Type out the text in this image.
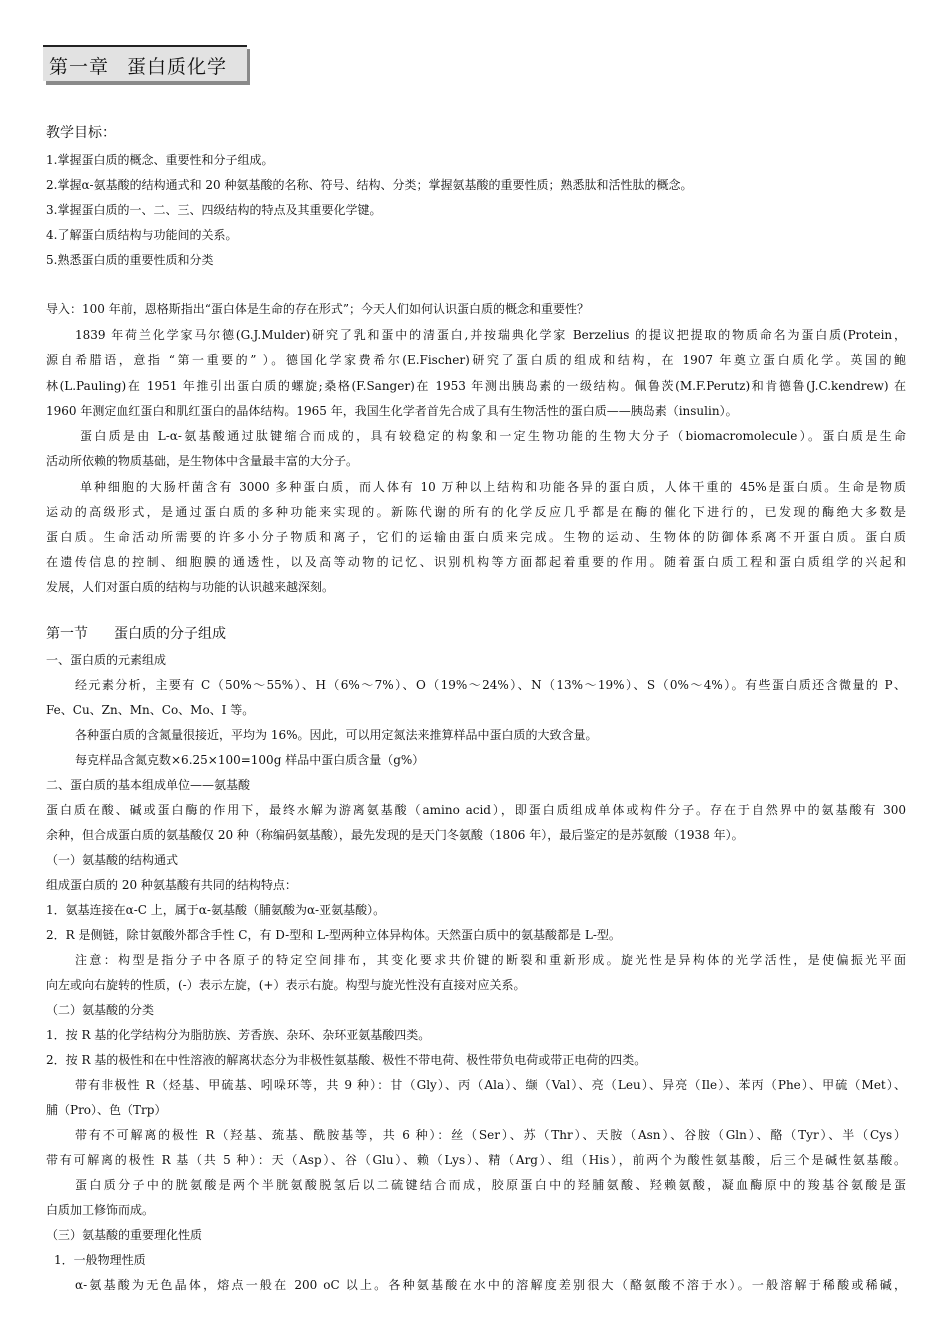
第一章 蛋白质化学
教学目标：
1.掌握蛋白质的概念、重要性和分子组成。
2.掌握α-氨基酸的结构通式和 20 种氨基酸的名称、符号、结构、分类；掌握氨基酸的重要性质；熟悉肽和活性肽的概念。
3.掌握蛋白质的一、二、三、四级结构的特点及其重要化学键。
4.了解蛋白质结构与功能间的关系。
5.熟悉蛋白质的重要性质和分类
导入：100 年前，恩格斯指出“蛋白体是生命的存在形式”；今天人们如何认识蛋白质的概念和重要性？
1839 年荷兰化学家马尔德(G.J.Mulder)研究了乳和蛋中的清蛋白,并按瑞典化学家 Berzelius 的提议把提取的物质命名为蛋白质(Protein，
源自希腊语，意指 “第一重要的” ）。德国化学家费希尔(E.Fischer)研究了蛋白质的组成和结构，在 1907 年奠立蛋白质化学。英国的鲍
林(L.Pauling)在 1951 年推引出蛋白质的螺旋;桑格(F.Sanger)在 1953 年测出胰岛素的一级结构。佩鲁茨(M.F.Perutz)和肯德鲁(J.C.kendrew) 在
1960 年测定血红蛋白和肌红蛋白的晶体结构。1965 年，我国生化学者首先合成了具有生物活性的蛋白质——胰岛素（insulin）。
蛋白质是由 L-α-氨基酸通过肽键缩合而成的，具有较稳定的构象和一定生物功能的生物大分子（biomacromolecule）。蛋白质是生命
活动所依赖的物质基础，是生物体中含量最丰富的大分子。
单种细胞的大肠杆菌含有 3000 多种蛋白质，而人体有 10 万种以上结构和功能各异的蛋白质，人体干重的 45%是蛋白质。生命是物质
运动的高级形式，是通过蛋白质的多种功能来实现的。新陈代谢的所有的化学反应几乎都是在酶的催化下进行的，已发现的酶绝大多数是
蛋白质。生命活动所需要的许多小分子物质和离子，它们的运输由蛋白质来完成。生物的运动、生物体的防御体系离不开蛋白质。蛋白质
在遗传信息的控制、细胞膜的通透性，以及高等动物的记忆、识别机构等方面都起着重要的作用。随着蛋白质工程和蛋白质组学的兴起和
发展，人们对蛋白质的结构与功能的认识越来越深刻。
第一节 蛋白质的分子组成
一、蛋白质的元素组成
经元素分析，主要有 C（50%～55%）、H（6%～7%）、O（19%～24%）、N（13%～19%）、S（0%～4%）。有些蛋白质还含微量的 P、
Fe、Cu、Zn、Mn、Co、Mo、I 等。
各种蛋白质的含氮量很接近，平均为 16%。因此，可以用定氮法来推算样品中蛋白质的大致含量。
每克样品含氮克数×6.25×100=100g 样品中蛋白质含量（g%）
二、蛋白质的基本组成单位——氨基酸
蛋白质在酸、碱或蛋白酶的作用下，最终水解为游离氨基酸（amino acid），即蛋白质组成单体或构件分子。存在于自然界中的氨基酸有 300
余种，但合成蛋白质的氨基酸仅 20 种（称编码氨基酸），最先发现的是天门冬氨酸（1806 年），最后鉴定的是苏氨酸（1938 年）。
（一）氨基酸的结构通式
组成蛋白质的 20 种氨基酸有共同的结构特点：
1．氨基连接在α-C 上，属于α-氨基酸（脯氨酸为α-亚氨基酸）。
2．R 是侧链，除甘氨酸外都含手性 C，有 D-型和 L-型两种立体异构体。天然蛋白质中的氨基酸都是 L-型。
注意：构型是指分子中各原子的特定空间排布，其变化要求共价键的断裂和重新形成。旋光性是异构体的光学活性，是使偏振光平面
向左或向右旋转的性质，(-）表示左旋，(+）表示右旋。构型与旋光性没有直接对应关系。
（二）氨基酸的分类
1．按 R 基的化学结构分为脂肪族、芳香族、杂环、杂环亚氨基酸四类。
2．按 R 基的极性和在中性溶液的解离状态分为非极性氨基酸、极性不带电荷、极性带负电荷或带正电荷的四类。
带有非极性 R（烃基、甲硫基、吲哚环等，共 9 种）：甘（Gly）、丙（Ala）、缬（Val）、亮（Leu）、异亮（Ile）、苯丙（Phe）、甲硫（Met）、
脯（Pro）、色（Trp）
带有不可解离的极性 R（羟基、巯基、酰胺基等，共 6 种）：丝（Ser）、苏（Thr）、天胺（Asn）、谷胺（Gln）、酪（Tyr）、半（Cys）
带有可解离的极性 R 基（共 5 种）：天（Asp）、谷（Glu）、赖（Lys）、精（Arg）、组（His），前两个为酸性氨基酸，后三个是碱性氨基酸。
蛋白质分子中的胱氨酸是两个半胱氨酸脱氢后以二硫键结合而成，胶原蛋白中的羟脯氨酸、羟赖氨酸，凝血酶原中的羧基谷氨酸是蛋
白质加工修饰而成。
（三）氨基酸的重要理化性质
1．一般物理性质
α-氨基酸为无色晶体，熔点一般在 200 oC 以上。各种氨基酸在水中的溶解度差别很大（酪氨酸不溶于水）。一般溶解于稀酸或稀碱，
